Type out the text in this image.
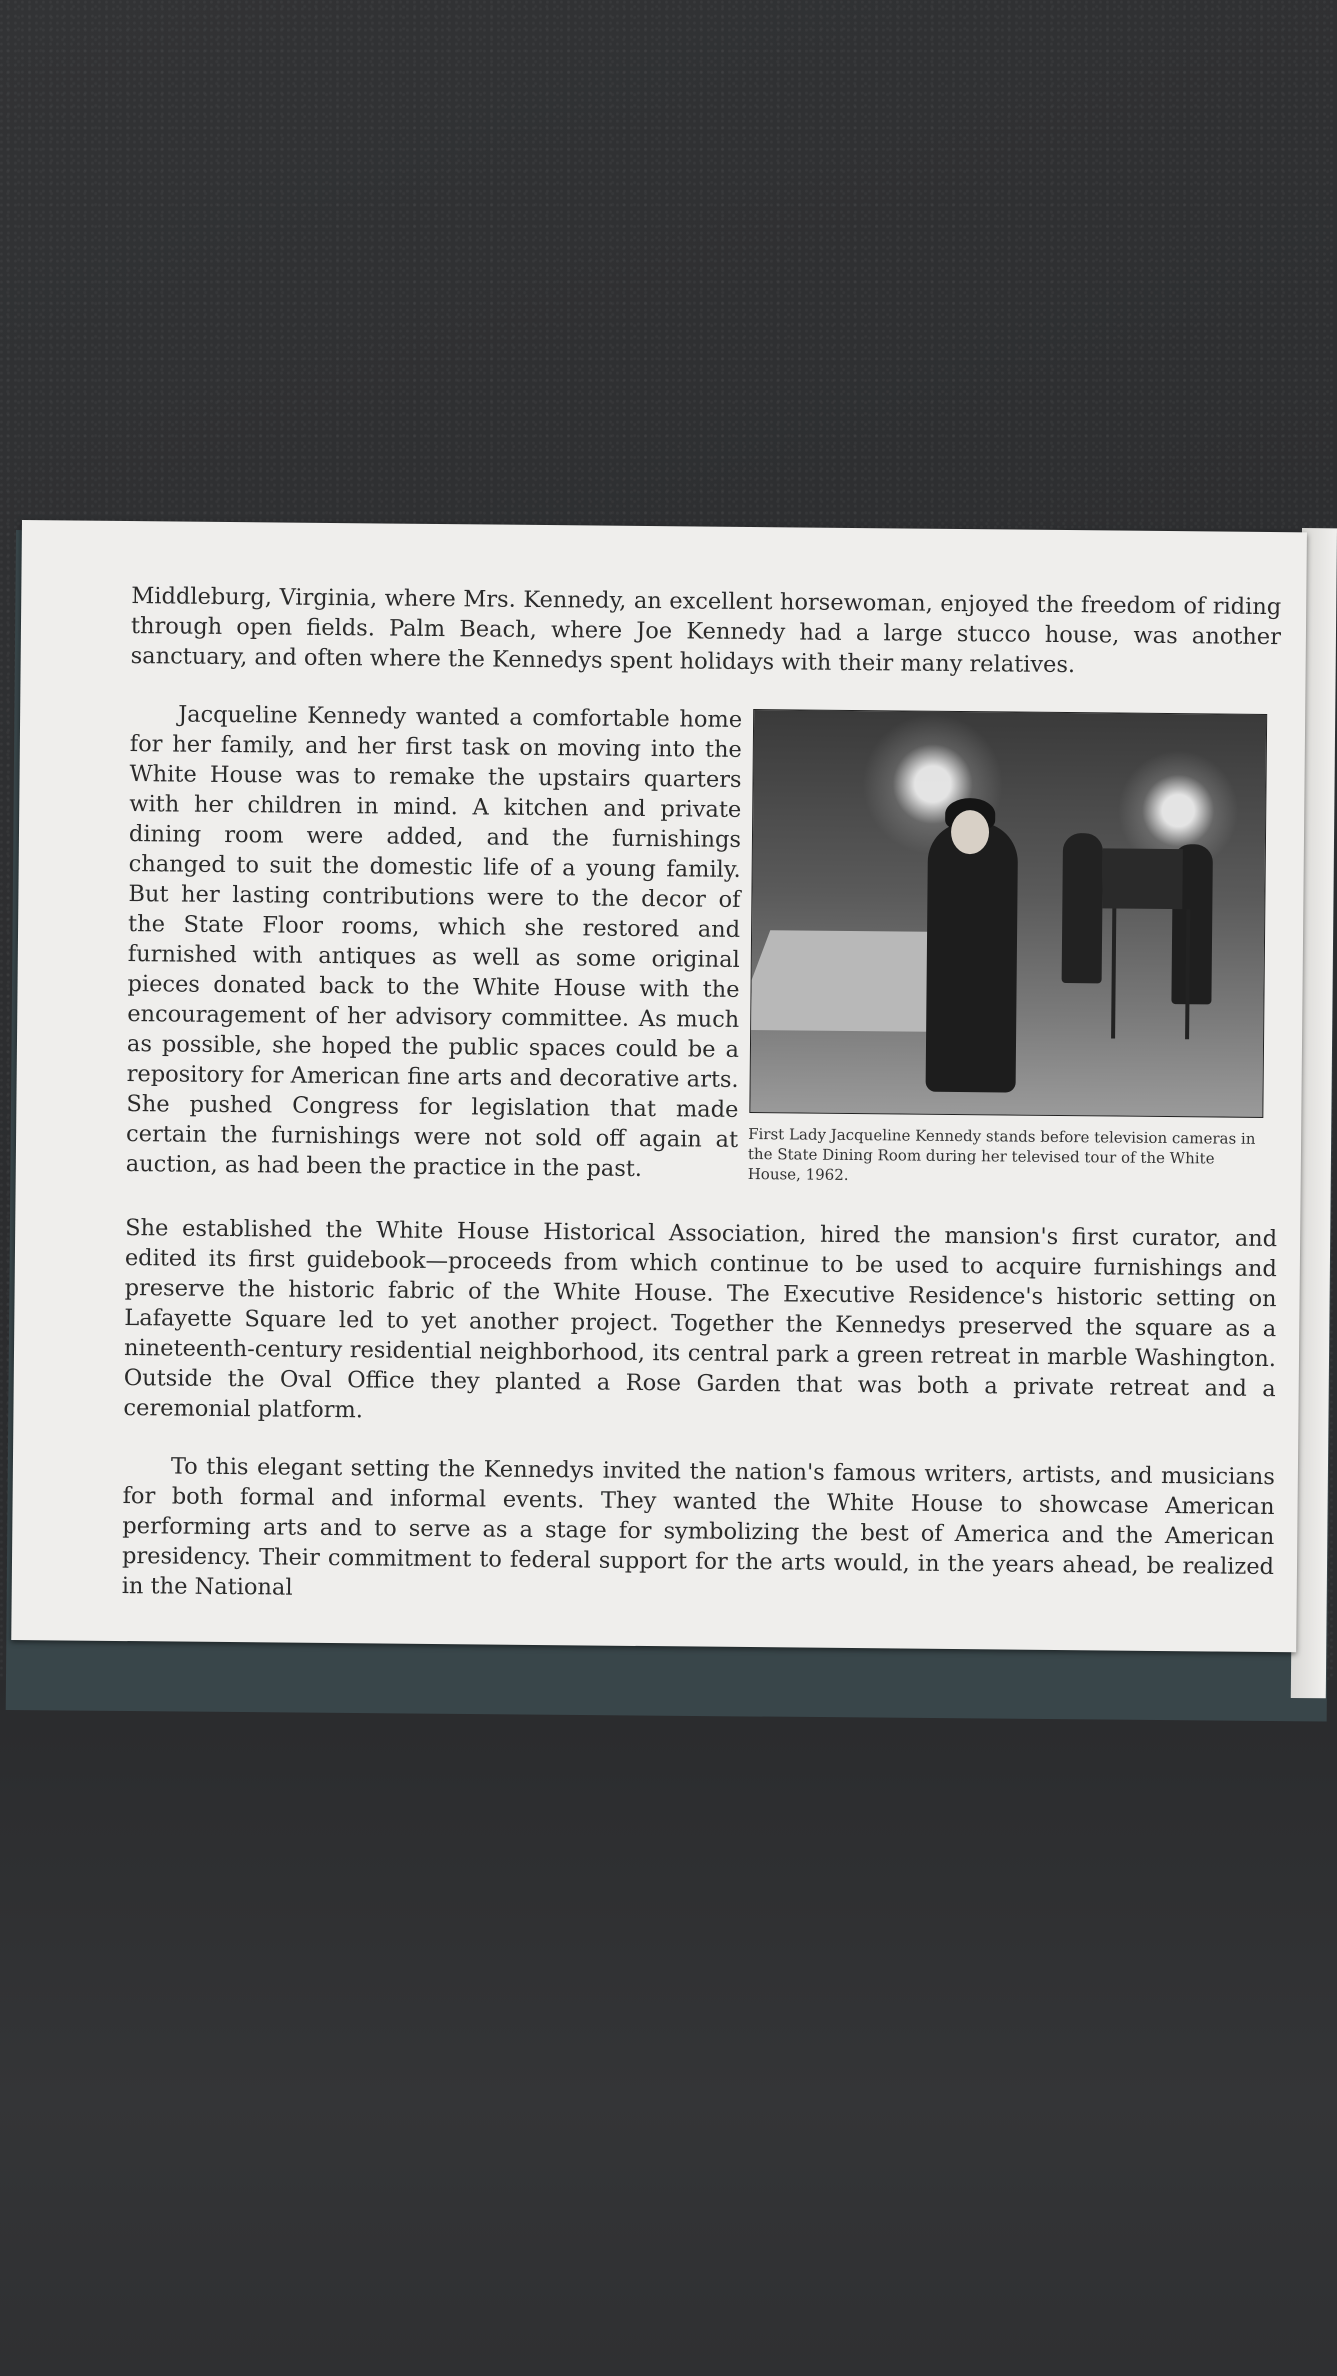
Middleburg, Virginia, where Mrs. Kennedy, an excellent horsewoman, enjoyed the freedom of riding through open fields. Palm Beach, where Joe Kennedy had a large stucco house, was another sanctuary, and often where the Kennedys spent holidays with their many relatives.

Jacqueline Kennedy wanted a comfortable home for her family, and her first task on moving into the White House was to remake the upstairs quarters with her children in mind. A kitchen and private dining room were added, and the furnishings changed to suit the domestic life of a young family. But her lasting contributions were to the decor of the State Floor rooms, which she restored and furnished with antiques as well as some original pieces donated back to the White House with the encouragement of her advisory committee. As much as possible, she hoped the public spaces could be a repository for American fine arts and decorative arts. She pushed Congress for legislation that made certain the furnishings were not sold off again at auction, as had been the practice in the past.

First Lady Jacqueline Kennedy stands before television cameras in the State Dining Room during her televised tour of the White House, 1962.

She established the White House Historical Association, hired the mansion's first curator, and edited its first guidebook—proceeds from which continue to be used to acquire furnishings and preserve the historic fabric of the White House. The Executive Residence's historic setting on Lafayette Square led to yet another project. Together the Kennedys preserved the square as a nineteenth-century residential neighborhood, its central park a green retreat in marble Washington. Outside the Oval Office they planted a Rose Garden that was both a private retreat and a ceremonial platform.

To this elegant setting the Kennedys invited the nation's famous writers, artists, and musicians for both formal and informal events. They wanted the White House to showcase American performing arts and to serve as a stage for symbolizing the best of America and the American presidency. Their commitment to federal support for the arts would, in the years ahead, be realized in the National
